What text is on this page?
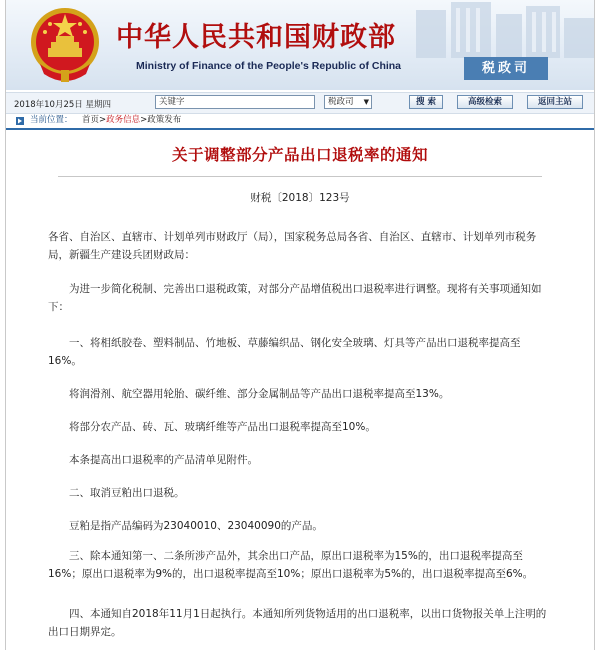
中华人民共和国财政部
Ministry of Finance of the People's Republic of China	税政司
2018年10月25日 星期四	关键字	税政司 ▼	搜 索	高级检索	返回主站
当前位置： 首页>政务信息>政策发布
关于调整部分产品出口退税率的通知
财税〔2018〕123号

各省、自治区、直辖市、计划单列市财政厅（局），国家税务总局各省、自治区、直辖市、计划单列市税务局，新疆生产建设兵团财政局：

为进一步简化税制、完善出口退税政策，对部分产品增值税出口退税率进行调整。现将有关事项通知如下：

一、将相纸胶卷、塑料制品、竹地板、草藤编织品、钢化安全玻璃、灯具等产品出口退税率提高至16%。

将润滑剂、航空器用轮胎、碳纤维、部分金属制品等产品出口退税率提高至13%。

将部分农产品、砖、瓦、玻璃纤维等产品出口退税率提高至10%。

本条提高出口退税率的产品清单见附件。

二、取消豆粕出口退税。

豆粕是指产品编码为23040010、23040090的产品。

三、除本通知第一、二条所涉产品外，其余出口产品，原出口退税率为15%的，出口退税率提高至16%；原出口退税率为9%的，出口退税率提高至10%；原出口退税率为5%的，出口退税率提高至6%。

四、本通知自2018年11月1日起执行。本通知所列货物适用的出口退税率，以出口货物报关单上注明的出口日期界定。
